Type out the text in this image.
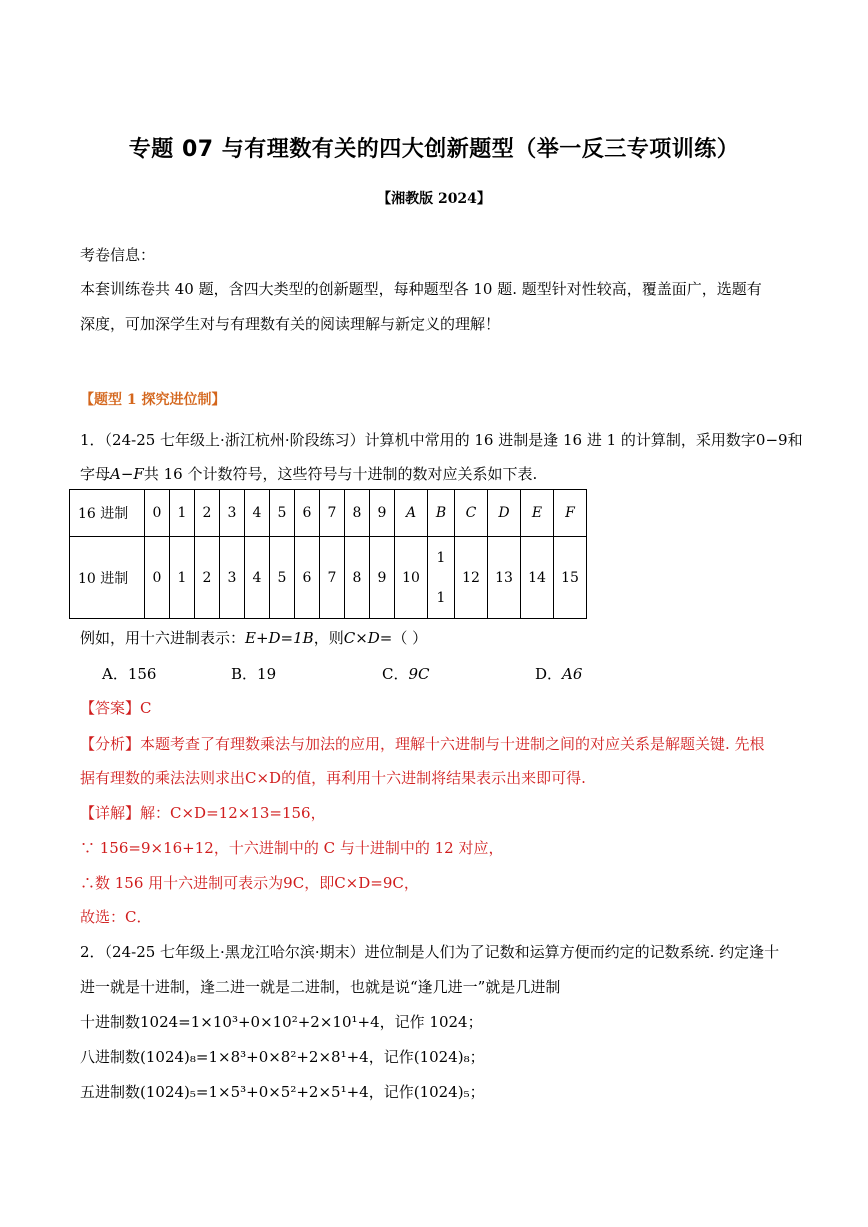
专题 07 与有理数有关的四大创新题型（举一反三专项训练）
【湘教版 2024】
考卷信息：
本套训练卷共 40 题，含四大类型的创新题型，每种题型各 10 题. 题型针对性较高，覆盖面广，选题有
深度，可加深学生对与有理数有关的阅读理解与新定义的理解！
【题型 1 探究进位制】
1．（24-25 七年级上·浙江杭州·阶段练习）计算机中常用的 16 进制是逢 16 进 1 的计算制，采用数字0−9和
字母A−F共 16 个计数符号，这些符号与十进制的数对应关系如下表.
16 进制	0	1	2	3	4	5	6	7	8	9	A	B	C	D	E	F
10 进制	0	1	2	3	4	5	6	7	8	9	10	11	12	13	14	15
例如，用十六进制表示：E+D=1B，则C×D=（ ）
A．156	B．19	C．9C	D．A6
【答案】C
【分析】本题考查了有理数乘法与加法的应用，理解十六进制与十进制之间的对应关系是解题关键. 先根
据有理数的乘法法则求出C×D的值，再利用十六进制将结果表示出来即可得.
【详解】解：C×D=12×13=156，
∵ 156=9×16+12，十六进制中的 C 与十进制中的 12 对应，
∴数 156 用十六进制可表示为9C，即C×D=9C，
故选：C．
2．（24-25 七年级上·黑龙江哈尔滨·期末）进位制是人们为了记数和运算方便而约定的记数系统. 约定逢十
进一就是十进制，逢二进一就是二进制，也就是说“逢几进一”就是几进制
十进制数1024=1×10³+0×10²+2×10¹+4，记作 1024；
八进制数(1024)₈=1×8³+0×8²+2×8¹+4，记作(1024)₈；
五进制数(1024)₅=1×5³+0×5²+2×5¹+4，记作(1024)₅；
